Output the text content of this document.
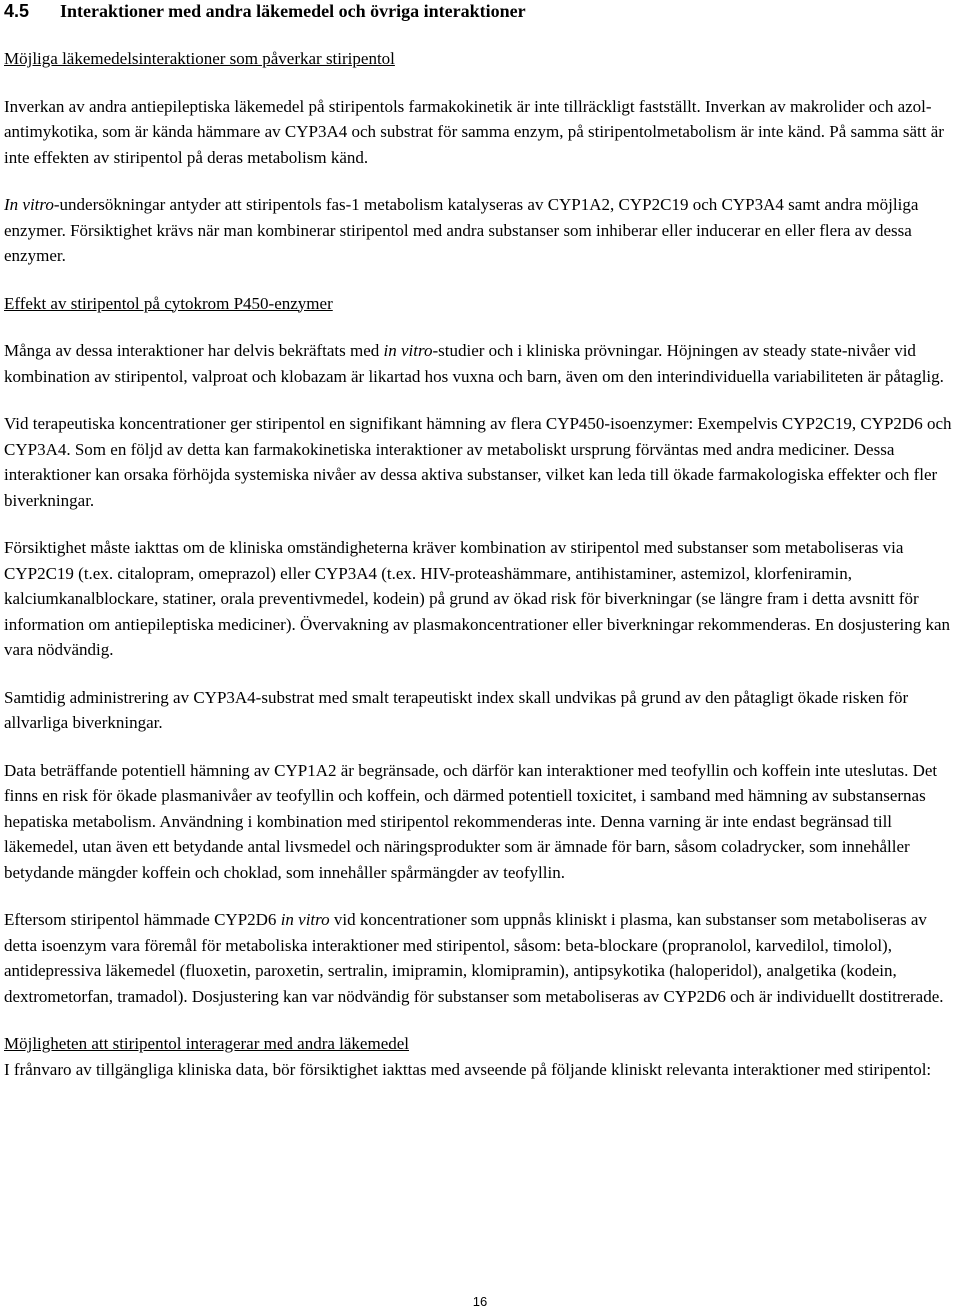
4.5 Interaktioner med andra läkemedel och övriga interaktioner
Möjliga läkemedelsinteraktioner som påverkar stiripentol

Inverkan av andra antiepileptiska läkemedel på stiripentols farmakokinetik är inte tillräckligt fastställt. Inverkan av makrolider och azol-antimykotika, som är kända hämmare av CYP3A4 och substrat för samma enzym, på stiripentolmetabolism är inte känd. På samma sätt är inte effekten av stiripentol på deras metabolism känd.

In vitro-undersökningar antyder att stiripentols fas-1 metabolism katalyseras av CYP1A2, CYP2C19 och CYP3A4 samt andra möjliga enzymer. Försiktighet krävs när man kombinerar stiripentol med andra substanser som inhiberar eller inducerar en eller flera av dessa enzymer.

Effekt av stiripentol på cytokrom P450-enzymer

Många av dessa interaktioner har delvis bekräftats med in vitro-studier och i kliniska prövningar. Höjningen av steady state-nivåer vid kombination av stiripentol, valproat och klobazam är likartad hos vuxna och barn, även om den interindividuella variabiliteten är påtaglig.

Vid terapeutiska koncentrationer ger stiripentol en signifikant hämning av flera CYP450-isoenzymer: Exempelvis CYP2C19, CYP2D6 och CYP3A4. Som en följd av detta kan farmakokinetiska interaktioner av metaboliskt ursprung förväntas med andra mediciner. Dessa interaktioner kan orsaka förhöjda systemiska nivåer av dessa aktiva substanser, vilket kan leda till ökade farmakologiska effekter och fler biverkningar.

Försiktighet måste iakttas om de kliniska omständigheterna kräver kombination av stiripentol med substanser som metaboliseras via CYP2C19 (t.ex. citalopram, omeprazol) eller CYP3A4 (t.ex. HIV-proteashämmare, antihistaminer, astemizol, klorfeniramin, kalciumkanalblockare, statiner, orala preventivmedel, kodein) på grund av ökad risk för biverkningar (se längre fram i detta avsnitt för information om antiepileptiska mediciner). Övervakning av plasmakoncentrationer eller biverkningar rekommenderas. En dosjustering kan vara nödvändig.

Samtidig administrering av CYP3A4-substrat med smalt terapeutiskt index skall undvikas på grund av den påtagligt ökade risken för allvarliga biverkningar.

Data beträffande potentiell hämning av CYP1A2 är begränsade, och därför kan interaktioner med teofyllin och koffein inte uteslutas. Det finns en risk för ökade plasmanivåer av teofyllin och koffein, och därmed potentiell toxicitet, i samband med hämning av substansernas hepatiska metabolism. Användning i kombination med stiripentol rekommenderas inte. Denna varning är inte endast begränsad till läkemedel, utan även ett betydande antal livsmedel och näringsprodukter som är ämnade för barn, såsom coladrycker, som innehåller betydande mängder koffein och choklad, som innehåller spårmängder av teofyllin.

Eftersom stiripentol hämmade CYP2D6 in vitro vid koncentrationer som uppnås kliniskt i plasma, kan substanser som metaboliseras av detta isoenzym vara föremål för metaboliska interaktioner med stiripentol, såsom: beta-blockare (propranolol, karvedilol, timolol), antidepressiva läkemedel (fluoxetin, paroxetin, sertralin, imipramin, klomipramin), antipsykotika (haloperidol), analgetika (kodein, dextrometorfan, tramadol). Dosjustering kan var nödvändig för substanser som metaboliseras av CYP2D6 och är individuellt dostitrerade.

Möjligheten att stiripentol interagerar med andra läkemedel

I frånvaro av tillgängliga kliniska data, bör försiktighet iakttas med avseende på följande kliniskt relevanta interaktioner med stiripentol:

16
